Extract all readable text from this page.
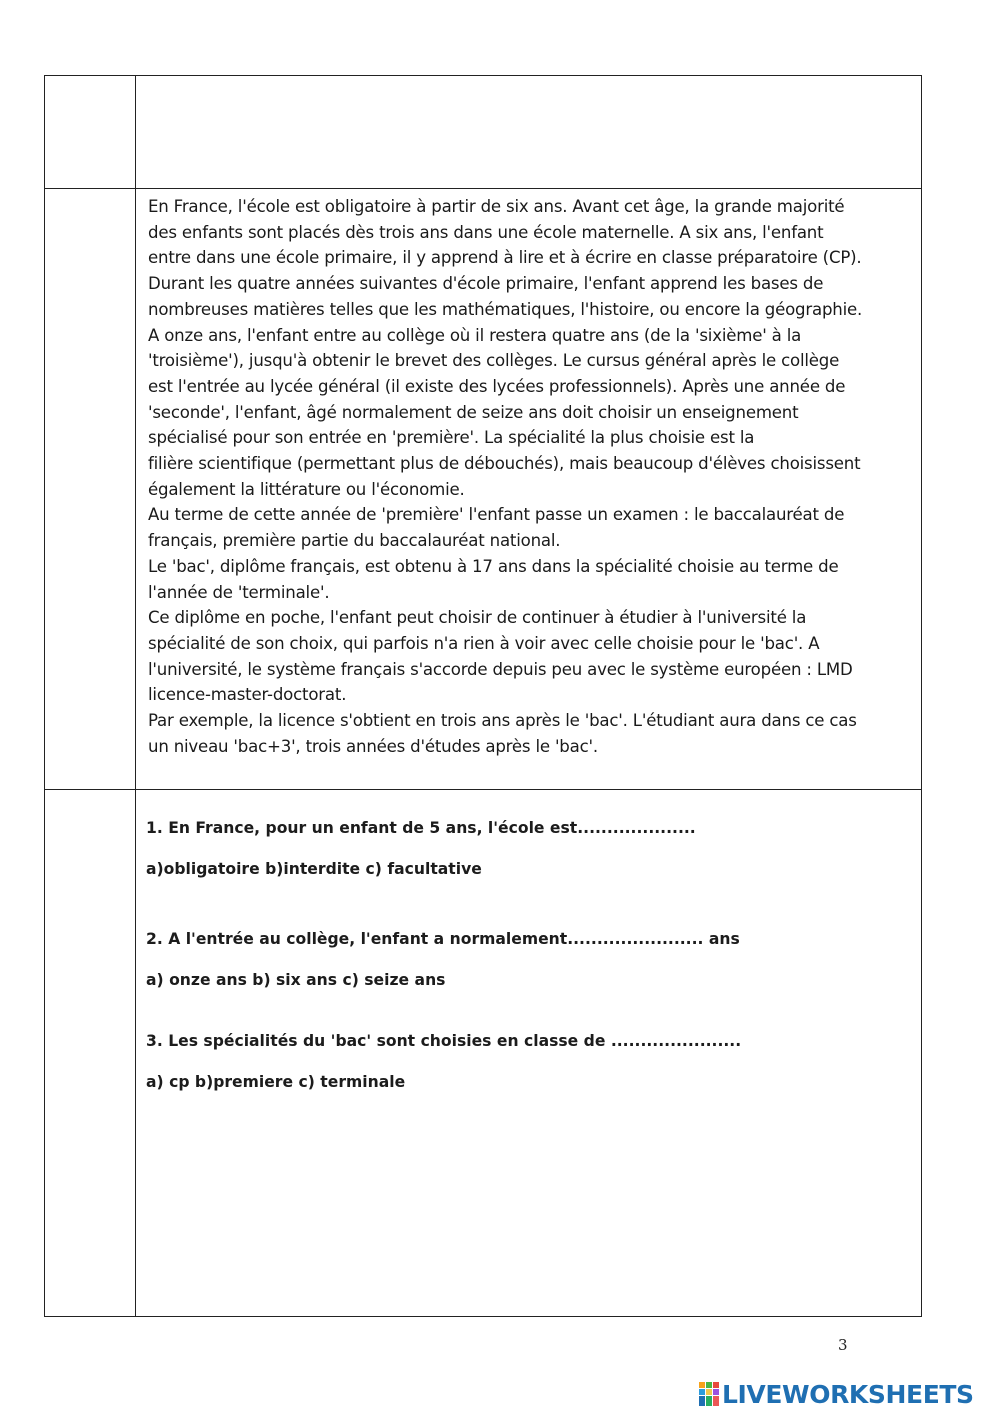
En France, l'école est obligatoire à partir de six ans. Avant cet âge, la grande majorité
des enfants sont placés dès trois ans dans une école maternelle. A six ans, l'enfant
entre dans une école primaire, il y apprend à lire et à écrire en classe préparatoire (CP).
Durant les quatre années suivantes d'école primaire, l'enfant apprend les bases de
nombreuses matières telles que les mathématiques, l'histoire, ou encore la géographie.
A onze ans, l'enfant entre au collège où il restera quatre ans (de la 'sixième' à la
'troisième'), jusqu'à obtenir le brevet des collèges. Le cursus général après le collège
est l'entrée au lycée général (il existe des lycées professionnels). Après une année de
'seconde', l'enfant, âgé normalement de seize ans doit choisir un enseignement
spécialisé pour son entrée en 'première'. La spécialité la plus choisie est la
filière scientifique (permettant plus de débouchés), mais beaucoup d'élèves choisissent
également la littérature ou l'économie.
Au terme de cette année de 'première' l'enfant passe un examen : le baccalauréat de
français, première partie du baccalauréat national.
Le 'bac', diplôme français, est obtenu à 17 ans dans la spécialité choisie au terme de
l'année de 'terminale'.
Ce diplôme en poche, l'enfant peut choisir de continuer à étudier à l'université la
spécialité de son choix, qui parfois n'a rien à voir avec celle choisie pour le 'bac'. A
l'université, le système français s'accorde depuis peu avec le système européen : LMD
licence-master-doctorat.
Par exemple, la licence s'obtient en trois ans après le 'bac'. L'étudiant aura dans ce cas
un niveau 'bac+3', trois années d'études après le 'bac'.
1. En France, pour un enfant de 5 ans, l'école est....................
a)obligatoire b)interdite c) facultative
2. A l'entrée au collège, l'enfant a normalement....................... ans
a) onze ans b) six ans c) seize ans
3. Les spécialités du 'bac' sont choisies en classe de ......................
a) cp b)premiere c) terminale
3
LIVEWORKSHEETS
